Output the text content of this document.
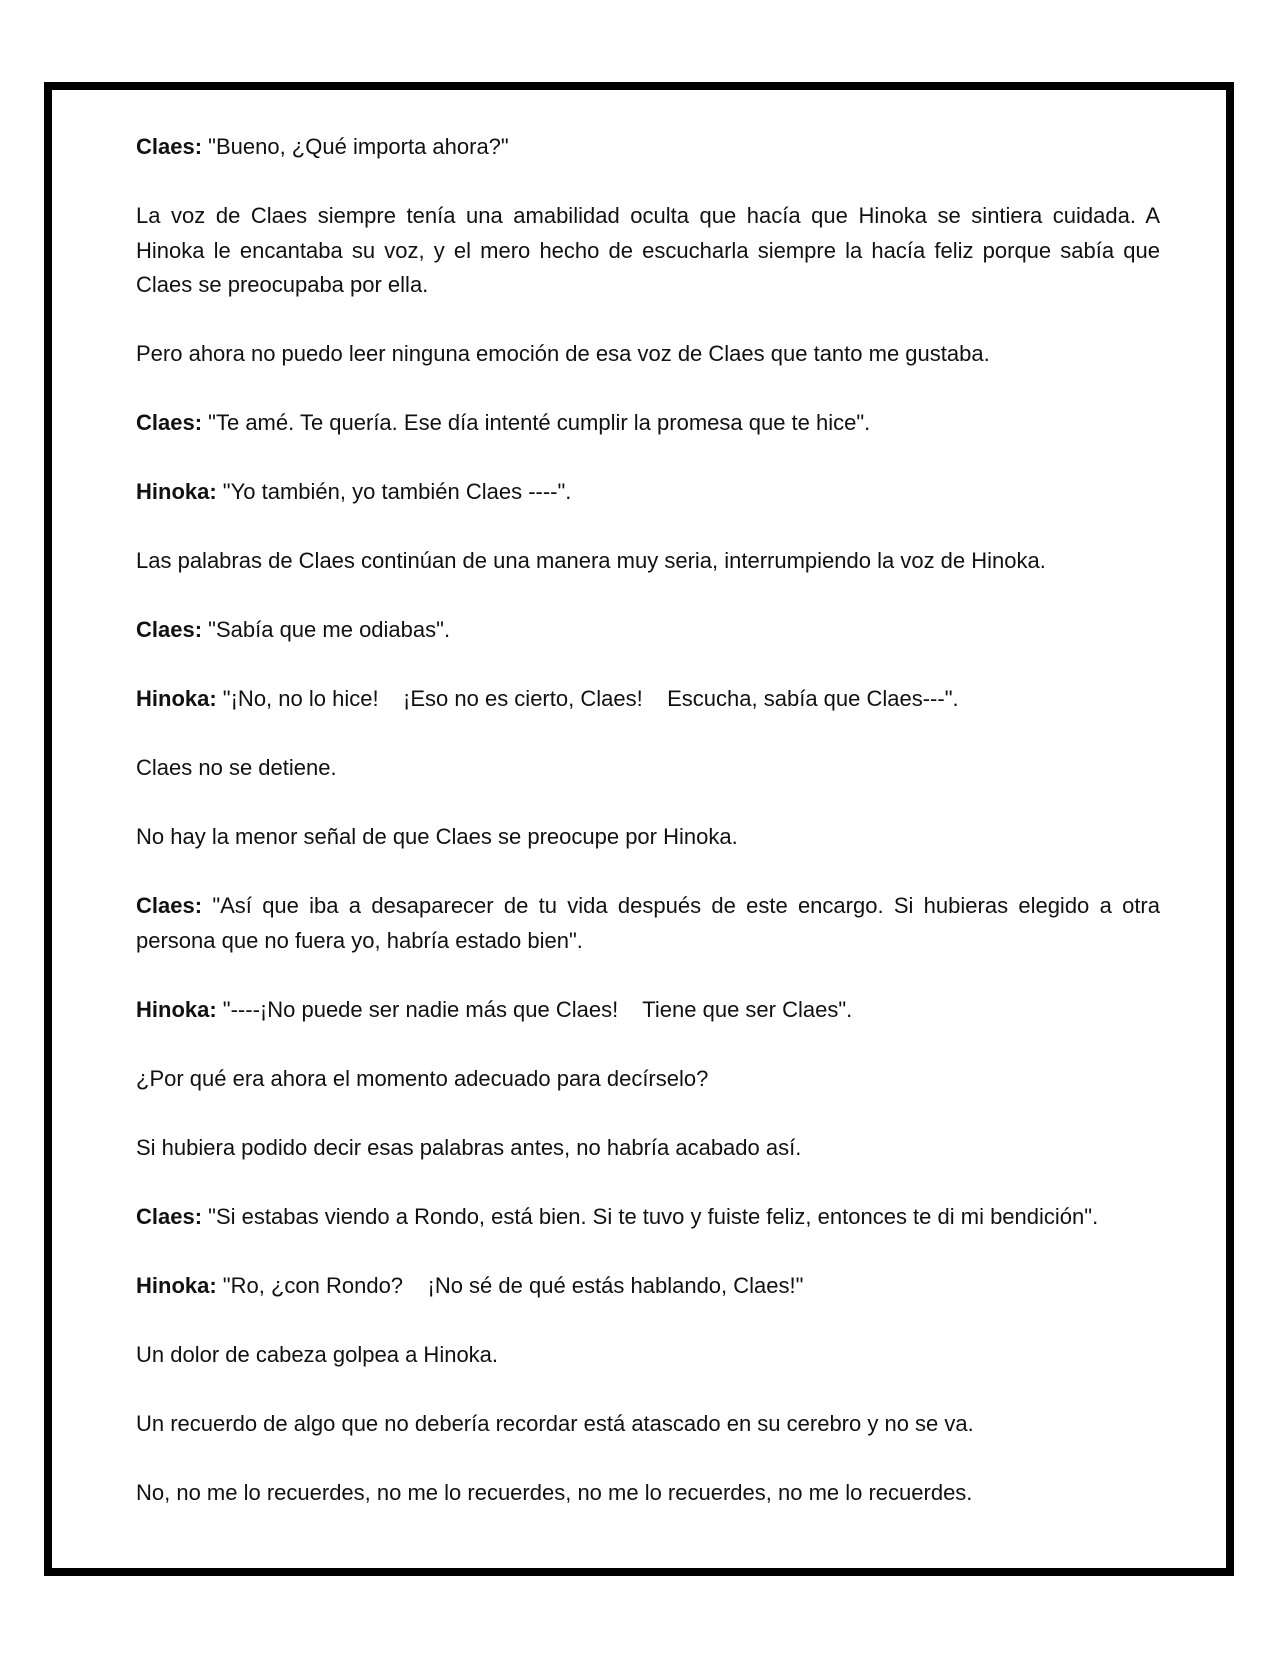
Claes: "Bueno, ¿Qué importa ahora?"

La voz de Claes siempre tenía una amabilidad oculta que hacía que Hinoka se sintiera cuidada. A Hinoka le encantaba su voz, y el mero hecho de escucharla siempre la hacía feliz porque sabía que Claes se preocupaba por ella.

Pero ahora no puedo leer ninguna emoción de esa voz de Claes que tanto me gustaba.

Claes: "Te amé. Te quería. Ese día intenté cumplir la promesa que te hice".

Hinoka: "Yo también, yo también Claes ----".

Las palabras de Claes continúan de una manera muy seria, interrumpiendo la voz de Hinoka.

Claes: "Sabía que me odiabas".

Hinoka: "¡No, no lo hice!    ¡Eso no es cierto, Claes!    Escucha, sabía que Claes---".

Claes no se detiene.

No hay la menor señal de que Claes se preocupe por Hinoka.

Claes: "Así que iba a desaparecer de tu vida después de este encargo. Si hubieras elegido a otra persona que no fuera yo, habría estado bien".

Hinoka: "----¡No puede ser nadie más que Claes!    Tiene que ser Claes".

¿Por qué era ahora el momento adecuado para decírselo?

Si hubiera podido decir esas palabras antes, no habría acabado así.

Claes: "Si estabas viendo a Rondo, está bien. Si te tuvo y fuiste feliz, entonces te di mi bendición".

Hinoka: "Ro, ¿con Rondo?    ¡No sé de qué estás hablando, Claes!"

Un dolor de cabeza golpea a Hinoka.

Un recuerdo de algo que no debería recordar está atascado en su cerebro y no se va.

No, no me lo recuerdes, no me lo recuerdes, no me lo recuerdes, no me lo recuerdes.
